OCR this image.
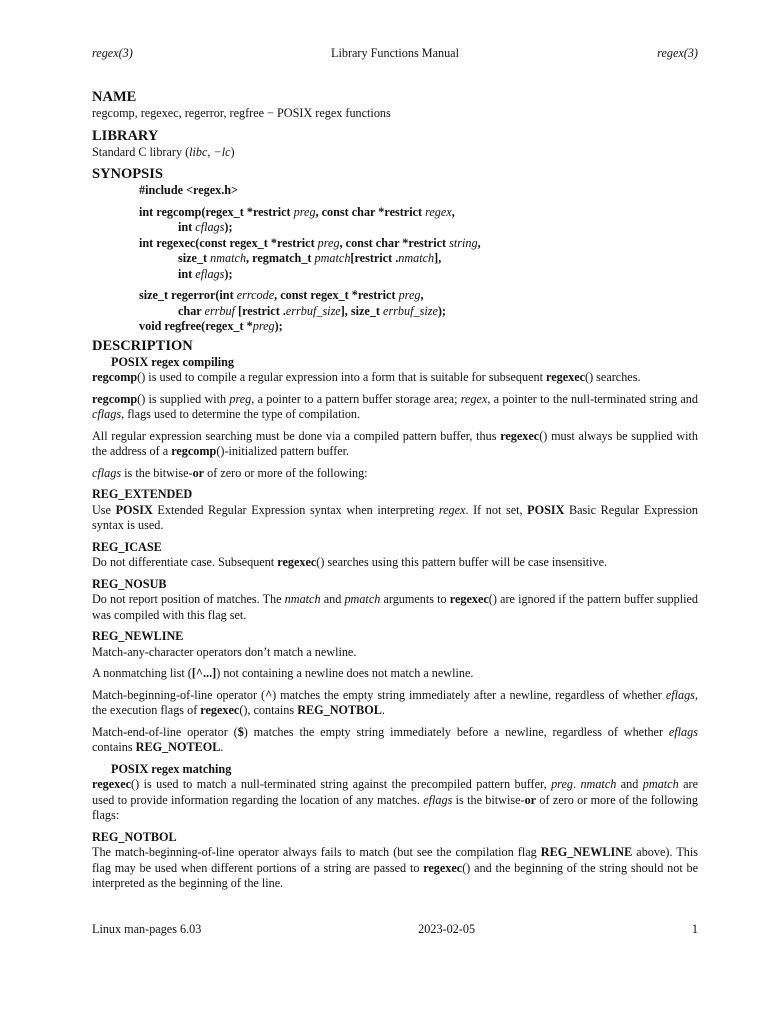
regex(3)	Library Functions Manual	regex(3)
NAME
regcomp, regexec, regerror, regfree − POSIX regex functions
LIBRARY
Standard C library (libc, −lc)
SYNOPSIS
#include <regex.h>
int regcomp(regex_t *restrict preg, const char *restrict regex,
int cflags);
int regexec(const regex_t *restrict preg, const char *restrict string,
size_t nmatch, regmatch_t pmatch[restrict .nmatch],
int eflags);
size_t regerror(int errcode, const regex_t *restrict preg,
char errbuf [restrict .errbuf_size], size_t errbuf_size);
void regfree(regex_t *preg);
DESCRIPTION
POSIX regex compiling
regcomp() is used to compile a regular expression into a form that is suitable for subsequent regexec() searches.
regcomp() is supplied with preg, a pointer to a pattern buffer storage area; regex, a pointer to the null-terminated string and cflags, flags used to determine the type of compilation.
All regular expression searching must be done via a compiled pattern buffer, thus regexec() must always be supplied with the address of a regcomp()-initialized pattern buffer.
cflags is the bitwise-or of zero or more of the following:
REG_EXTENDED
Use POSIX Extended Regular Expression syntax when interpreting regex. If not set, POSIX Basic Regular Expression syntax is used.
REG_ICASE
Do not differentiate case. Subsequent regexec() searches using this pattern buffer will be case insensitive.
REG_NOSUB
Do not report position of matches. The nmatch and pmatch arguments to regexec() are ignored if the pattern buffer supplied was compiled with this flag set.
REG_NEWLINE
Match-any-character operators don’t match a newline.
A nonmatching list ([^...]) not containing a newline does not match a newline.
Match-beginning-of-line operator (^) matches the empty string immediately after a newline, regardless of whether eflags, the execution flags of regexec(), contains REG_NOTBOL.
Match-end-of-line operator ($) matches the empty string immediately before a newline, regardless of whether eflags contains REG_NOTEOL.
POSIX regex matching
regexec() is used to match a null-terminated string against the precompiled pattern buffer, preg. nmatch and pmatch are used to provide information regarding the location of any matches. eflags is the bitwise-or of zero or more of the following flags:
REG_NOTBOL
The match-beginning-of-line operator always fails to match (but see the compilation flag REG_NEWLINE above). This flag may be used when different portions of a string are passed to regexec() and the beginning of the string should not be interpreted as the beginning of the line.
Linux man-pages 6.03	2023-02-05	1
